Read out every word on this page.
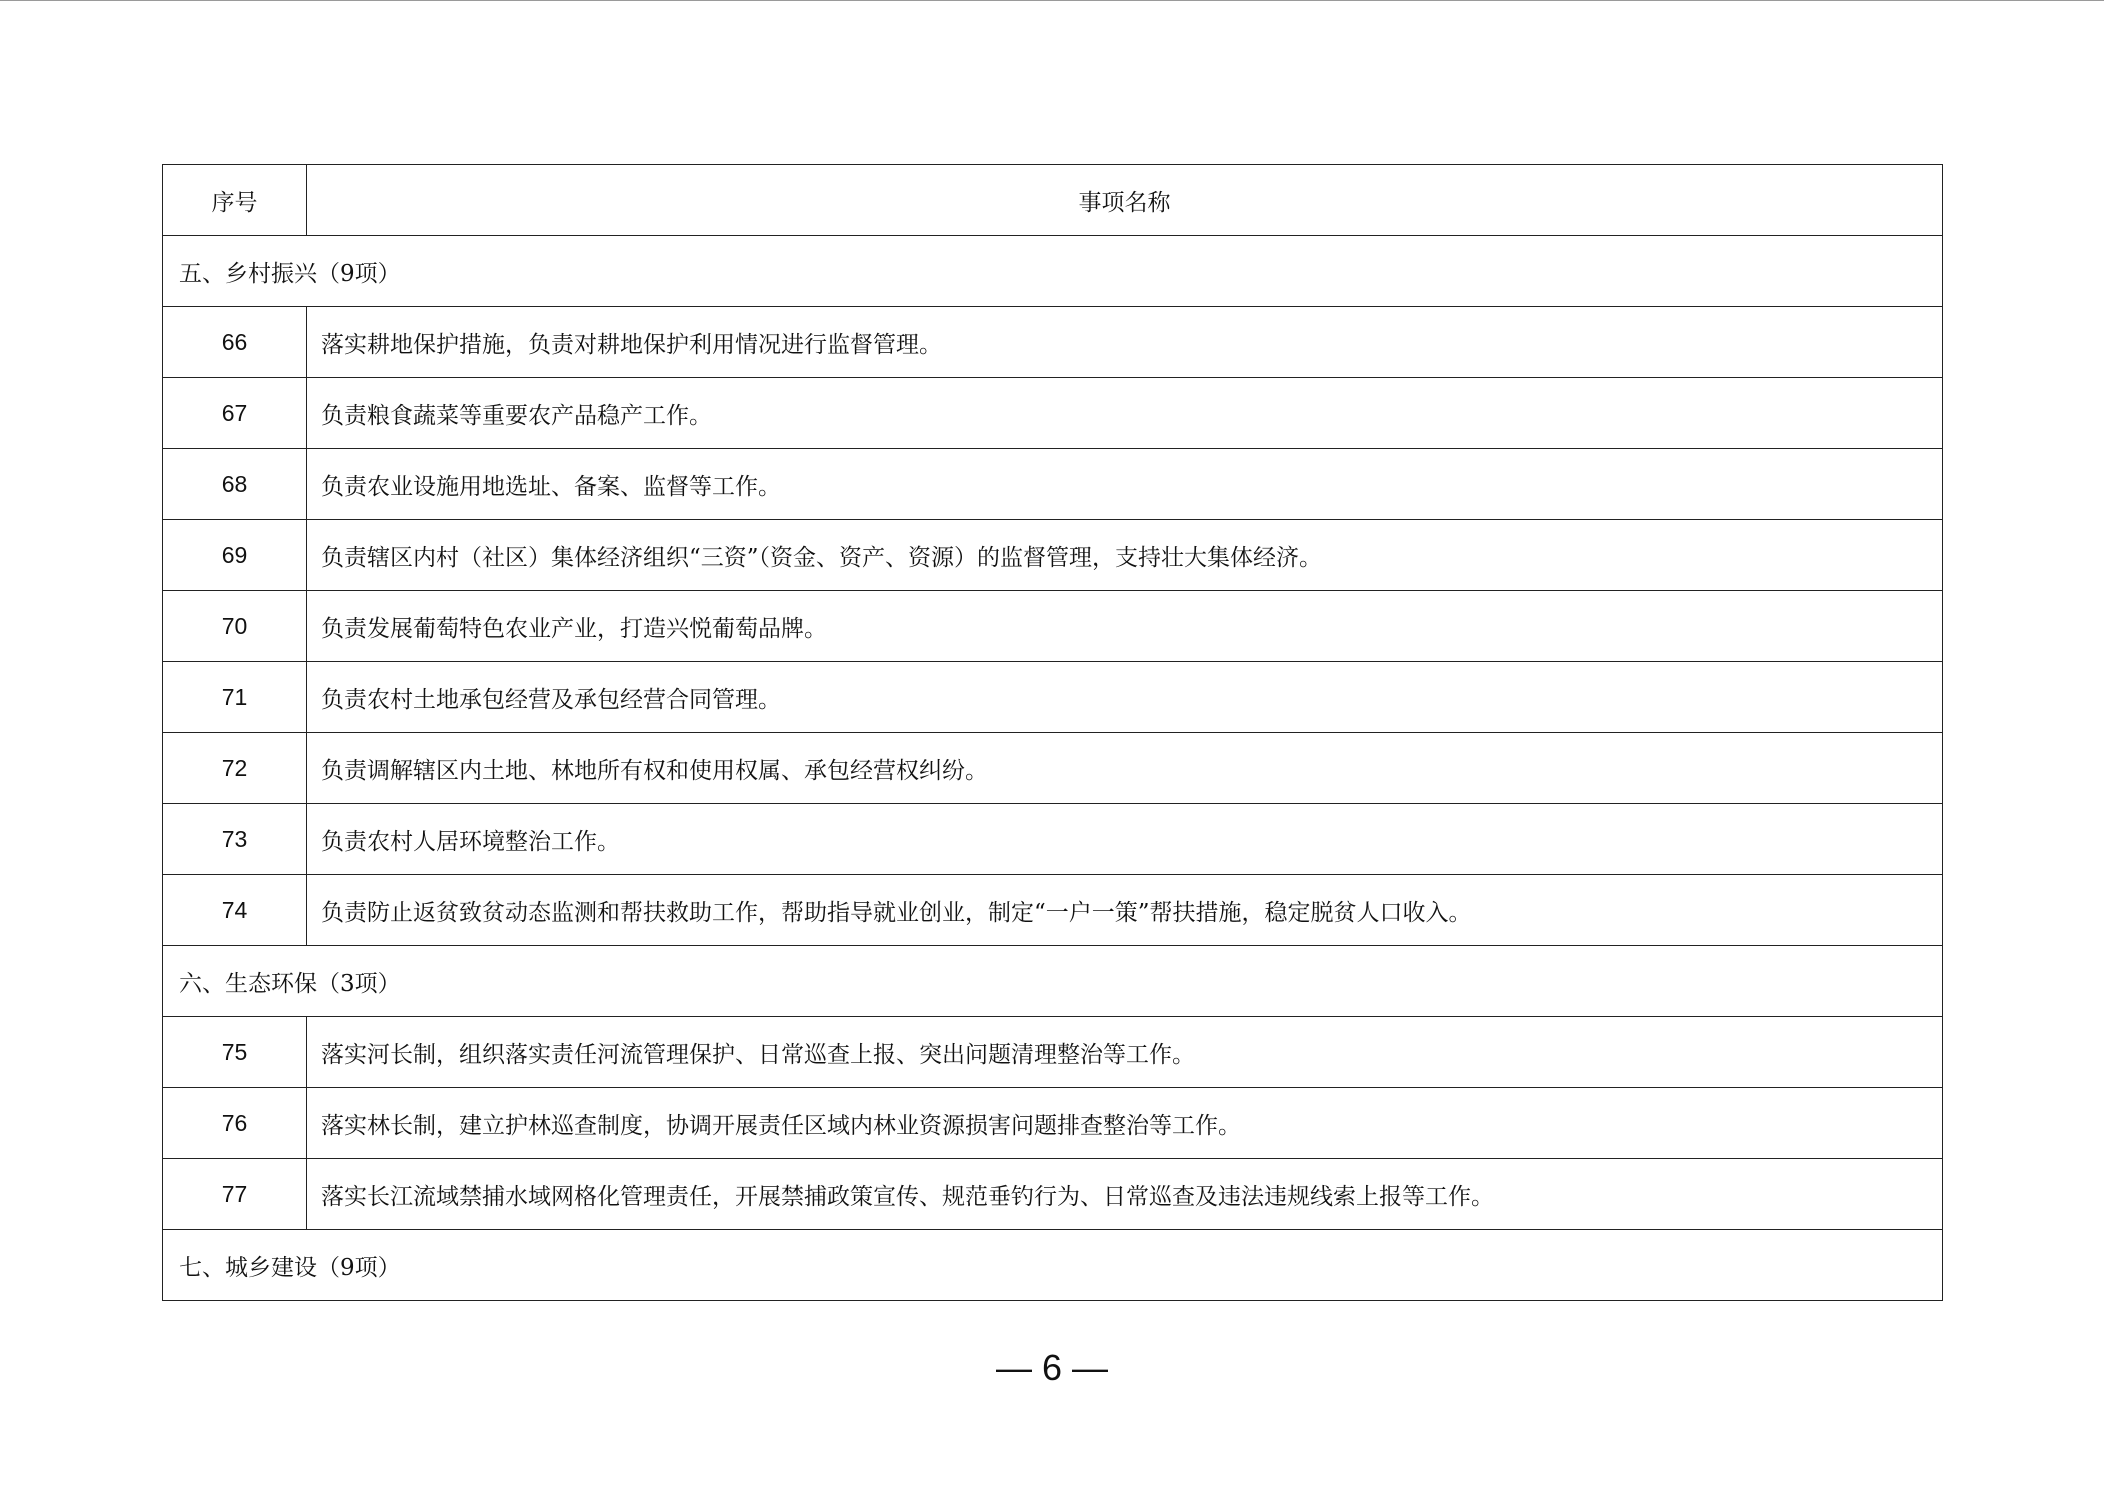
序号	事项名称
五、乡村振兴（9项）	
66	落实耕地保护措施，负责对耕地保护利用情况进行监督管理。
67	负责粮食蔬菜等重要农产品稳产工作。
68	负责农业设施用地选址、备案、监督等工作。
69	负责辖区内村（社区）集体经济组织“三资”（资金、资产、资源）的监督管理，支持壮大集体经济。
70	负责发展葡萄特色农业产业，打造兴悦葡萄品牌。
71	负责农村土地承包经营及承包经营合同管理。
72	负责调解辖区内土地、林地所有权和使用权属、承包经营权纠纷。
73	负责农村人居环境整治工作。
74	负责防止返贫致贫动态监测和帮扶救助工作，帮助指导就业创业，制定“一户一策”帮扶措施，稳定脱贫人口收入。
六、生态环保（3项）	
75	落实河长制，组织落实责任河流管理保护、日常巡查上报、突出问题清理整治等工作。
76	落实林长制，建立护林巡查制度，协调开展责任区域内林业资源损害问题排查整治等工作。
77	落实长江流域禁捕水域网格化管理责任，开展禁捕政策宣传、规范垂钓行为、日常巡查及违法违规线索上报等工作。
七、城乡建设（9项）	
— 6 —
